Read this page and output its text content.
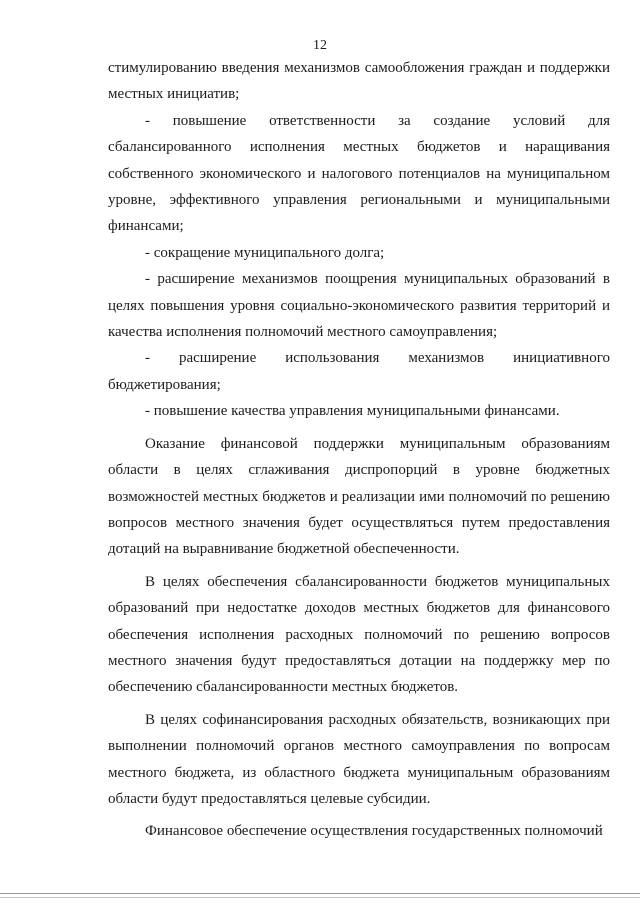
12

стимулированию введения механизмов самообложения граждан и поддержки местных инициатив;

- повышение ответственности за создание условий для сбалансированного исполнения местных бюджетов и наращивания собственного экономического и налогового потенциалов на муниципальном уровне, эффективного управления региональными и муниципальными финансами;

- сокращение муниципального долга;

- расширение механизмов поощрения муниципальных образований в целях повышения уровня социально-экономического развития территорий и качества исполнения полномочий местного самоуправления;

- расширение использования механизмов инициативного бюджетирования;

- повышение качества управления муниципальными финансами.

Оказание финансовой поддержки муниципальным образованиям области в целях сглаживания диспропорций в уровне бюджетных возможностей местных бюджетов и реализации ими полномочий по решению вопросов местного значения будет осуществляться путем предоставления дотаций на выравнивание бюджетной обеспеченности.

В целях обеспечения сбалансированности бюджетов муниципальных образований при недостатке доходов местных бюджетов для финансового обеспечения исполнения расходных полномочий по решению вопросов местного значения будут предоставляться дотации на поддержку мер по обеспечению сбалансированности местных бюджетов.

В целях софинансирования расходных обязательств, возникающих при выполнении полномочий органов местного самоуправления по вопросам местного бюджета, из областного бюджета муниципальным образованиям области будут предоставляться целевые субсидии.

Финансовое обеспечение осуществления государственных полномочий
